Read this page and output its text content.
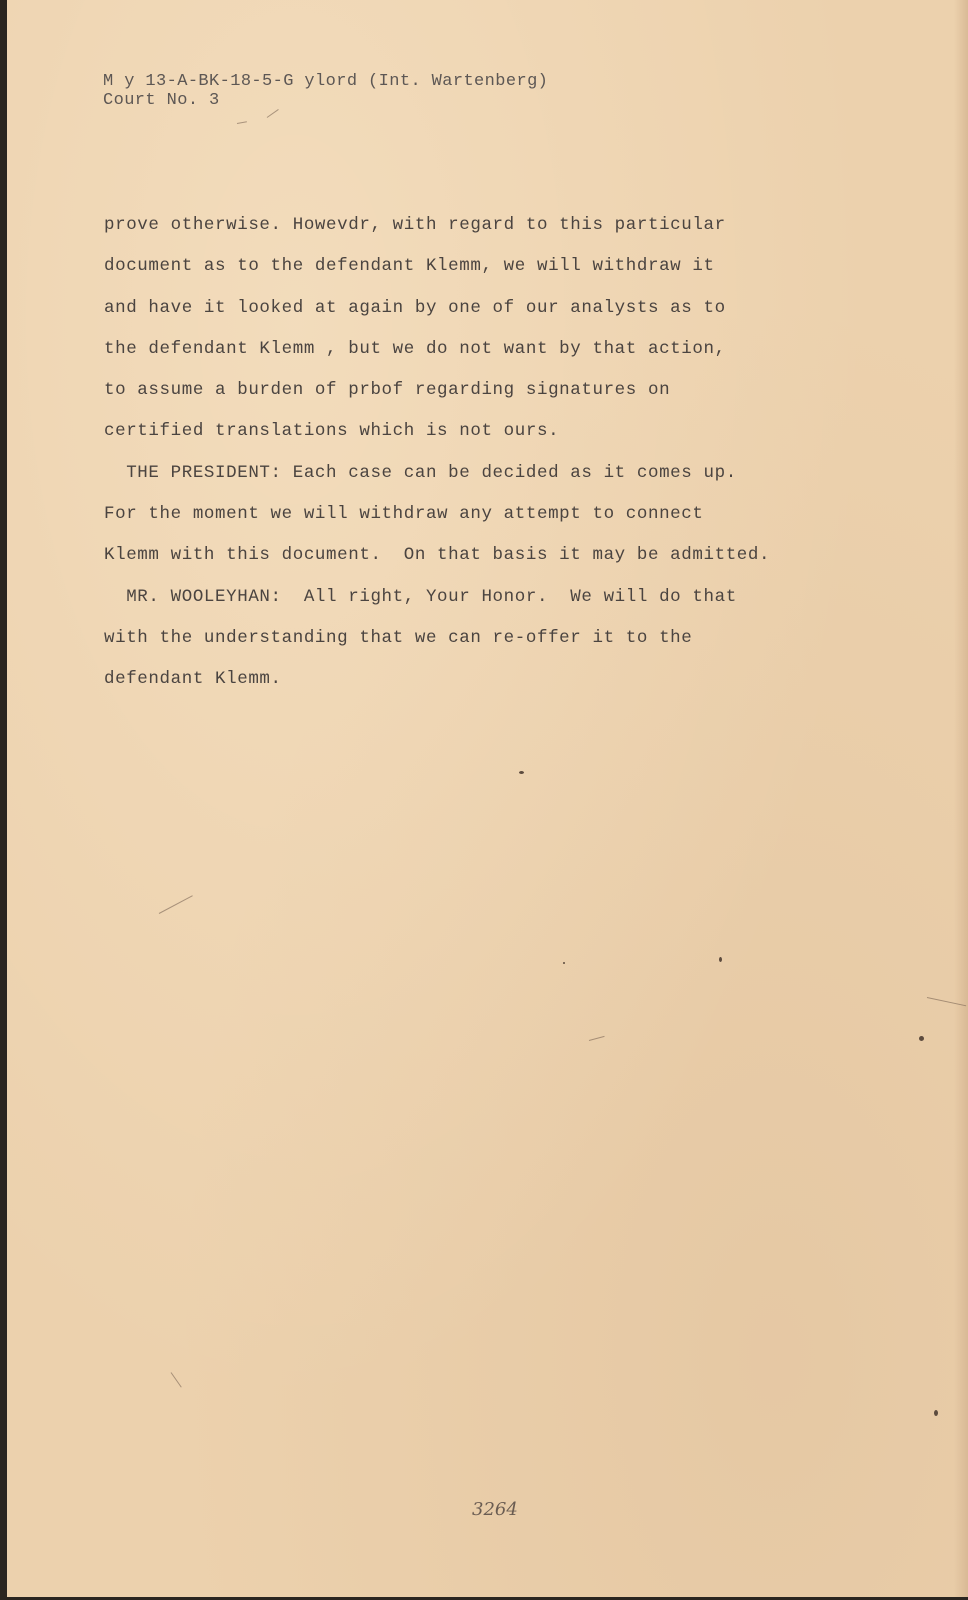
M y 13-A-BK-18-5-G ylord (Int. Wartenberg)
Court No. 3
prove otherwise. Howevdr, with regard to this particular
document as to the defendant Klemm, we will withdraw it
and have it looked at again by one of our analysts as to
the defendant Klemm , but we do not want by that action,
to assume a burden of prbof regarding signatures on
certified translations which is not ours.
THE PRESIDENT: Each case can be decided as it comes up.
For the moment we will withdraw any attempt to connect
Klemm with this document.  On that basis it may be admitted.
MR. WOOLEYHAN:  All right, Your Honor.  We will do that
with the understanding that we can re-offer it to the
defendant Klemm.
3264
